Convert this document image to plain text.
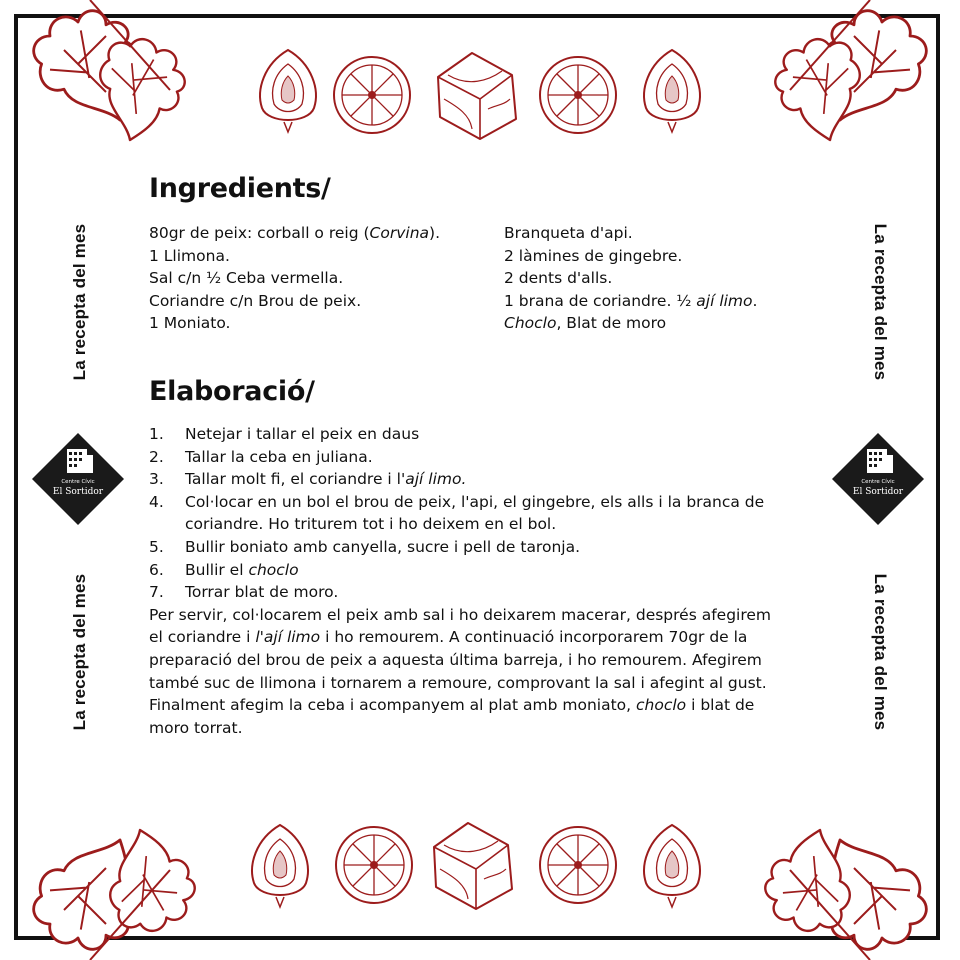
La recepta del mes
La recepta del mes
La recepta del mes
La recepta del mes
Centre Cívic
El Sortidor
Centre Cívic
El Sortidor
Ingredients/
80gr de peix: corball o reig (Corvina).
1 Llimona.
Sal c/n ½ Ceba vermella.
Coriandre c/n Brou de peix.
1 Moniato.
Branqueta d'api.
2 làmines de gingebre.
2 dents d'alls.
1 brana de coriandre. ½ ají limo.
Choclo, Blat de moro
Elaboració/
1.	Netejar i tallar el peix en daus
2.	Tallar la ceba en juliana.
3.	Tallar molt fi, el coriandre i l'ají limo.
4.	Col·locar en un bol el brou de peix, l'api, el gingebre, els alls i la branca de coriandre. Ho triturem tot i ho deixem en el bol.
5.	Bullir boniato amb canyella, sucre i pell de taronja.
6.	Bullir el choclo
7.	Torrar blat de moro.

Per servir, col·locarem el peix amb sal i ho deixarem macerar, després afegirem el coriandre i l'ají limo i ho remourem. A continuació incorporarem 70gr de la preparació del brou de peix a aquesta última barreja, i ho remourem. Afegirem també suc de llimona i tornarem a remoure, comprovant la sal i afegint al gust. Finalment afegim la ceba i acompanyem al plat amb moniato, choclo i blat de moro torrat.
